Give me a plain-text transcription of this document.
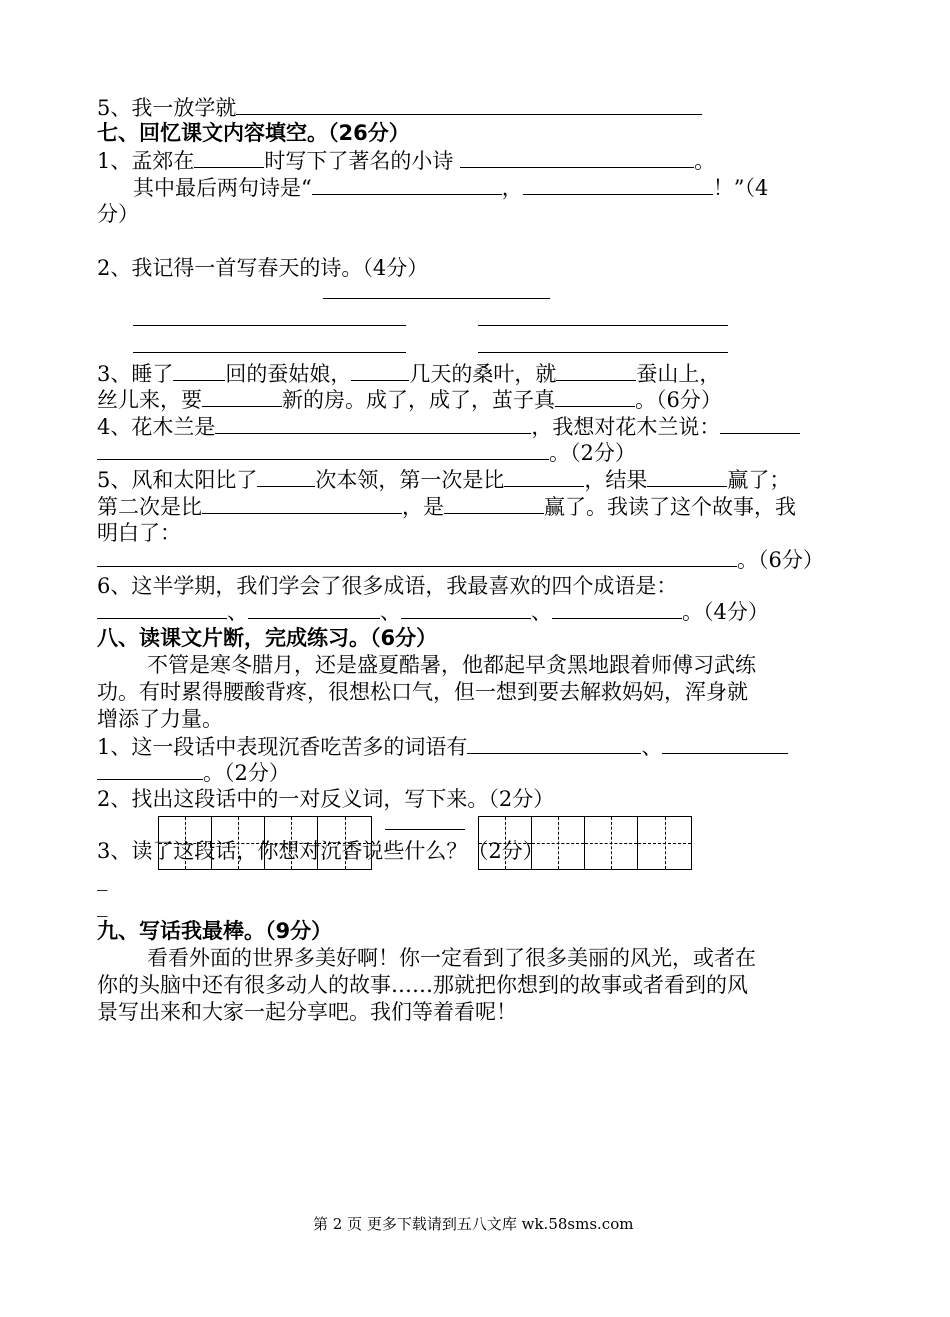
5、我一放学就
七、回忆课文内容填空。（26分）
1、孟郊在	时写下了著名的小诗	。
其中最后两句诗是“	，	！”（4
分）
2、我记得一首写春天的诗。（4分）
3、睡了 回的蚕姑娘，	几天的桑叶，就	蚕山上，
丝儿来，要	新的房。成了，成了，茧子真	。（6分）
4、花木兰是	，我想对花木兰说：
。（2分）
5、风和太阳比了	次本领，第一次是比	，结果	赢了；
第二次是比	，是	赢了。我读了这个故事，我
明白了：
。（6分）
6、这半学期，我们学会了很多成语，我最喜欢的四个成语是：
、	、	、	。（4分）
八、读课文片断，完成练习。（6分）
不管是寒冬腊月，还是盛夏酷暑，他都起早贪黑地跟着师傅习武练
功。有时累得腰酸背疼，很想松口气，但一想到要去解救妈妈，浑身就
增添了力量。
1、这一段话中表现沉香吃苦多的词语有	、
。（2分）
2、找出这段话中的一对反义词，写下来。（2分）
3、读了这段话，你想对沉香说些什么？（2分）
_
_
九、写话我最棒。（9分）
看看外面的世界多美好啊！你一定看到了很多美丽的风光，或者在
你的头脑中还有很多动人的故事……那就把你想到的故事或者看到的风
景写出来和大家一起分享吧。我们等着看呢！
第 2 页 更多下载请到五八文库 wk.58sms.com
